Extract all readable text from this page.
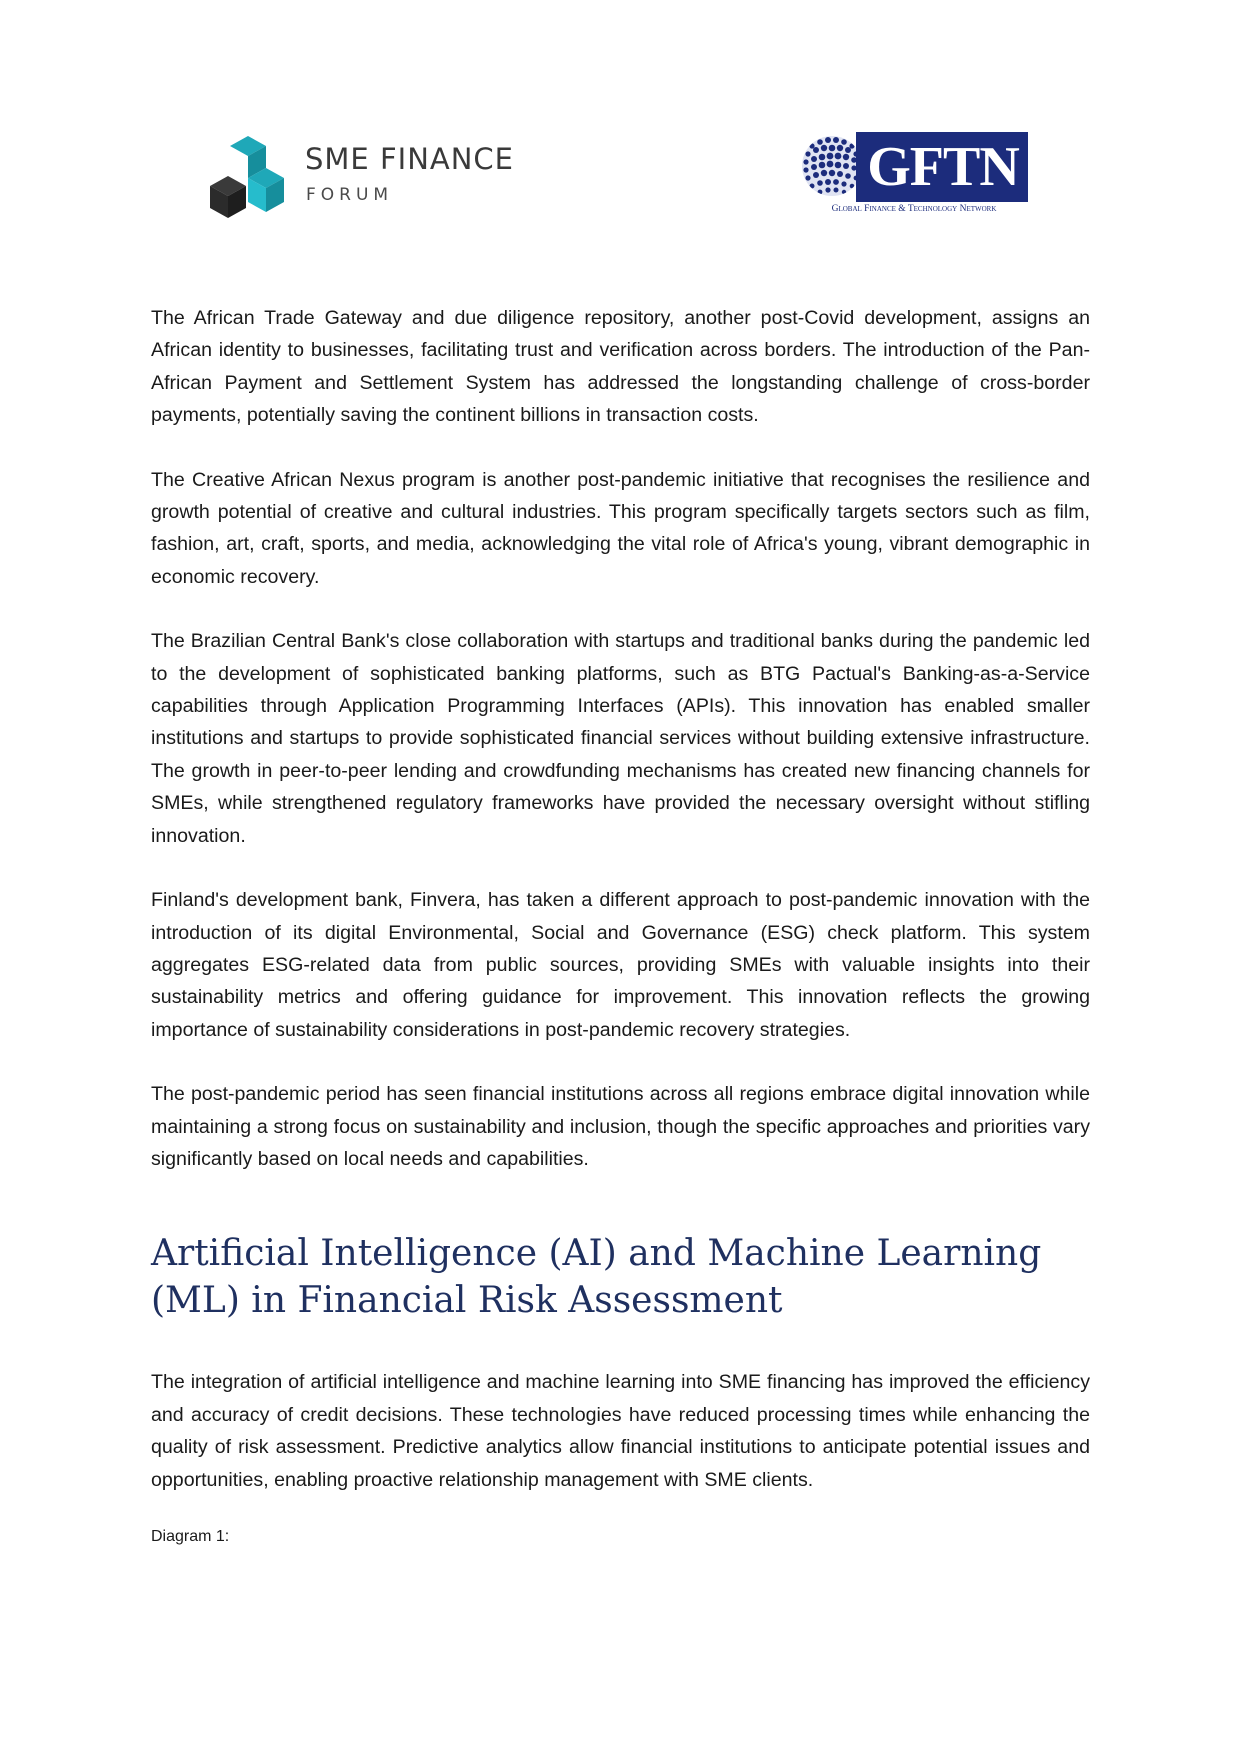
SME FINANCE
FORUM	GFTN
Global Finance & Technology Network

The African Trade Gateway and due diligence repository, another post-Covid development, assigns an African identity to businesses, facilitating trust and verification across borders. The introduction of the Pan-African Payment and Settlement System has addressed the longstanding challenge of cross-border payments, potentially saving the continent billions in transaction costs.

The Creative African Nexus program is another post-pandemic initiative that recognises the resilience and growth potential of creative and cultural industries. This program specifically targets sectors such as film, fashion, art, craft, sports, and media, acknowledging the vital role of Africa's young, vibrant demographic in economic recovery.

The Brazilian Central Bank's close collaboration with startups and traditional banks during the pandemic led to the development of sophisticated banking platforms, such as BTG Pactual's Banking-as-a-Service capabilities through Application Programming Interfaces (APIs). This innovation has enabled smaller institutions and startups to provide sophisticated financial services without building extensive infrastructure. The growth in peer-to-peer lending and crowdfunding mechanisms has created new financing channels for SMEs, while strengthened regulatory frameworks have provided the necessary oversight without stifling innovation.

Finland's development bank, Finvera, has taken a different approach to post-pandemic innovation with the introduction of its digital Environmental, Social and Governance (ESG) check platform. This system aggregates ESG-related data from public sources, providing SMEs with valuable insights into their sustainability metrics and offering guidance for improvement. This innovation reflects the growing importance of sustainability considerations in post-pandemic recovery strategies.

The post-pandemic period has seen financial institutions across all regions embrace digital innovation while maintaining a strong focus on sustainability and inclusion, though the specific approaches and priorities vary significantly based on local needs and capabilities.

Artificial Intelligence (AI) and Machine Learning (ML) in Financial Risk Assessment

The integration of artificial intelligence and machine learning into SME financing has improved the efficiency and accuracy of credit decisions. These technologies have reduced processing times while enhancing the quality of risk assessment. Predictive analytics allow financial institutions to anticipate potential issues and opportunities, enabling proactive relationship management with SME clients.

Diagram 1:
